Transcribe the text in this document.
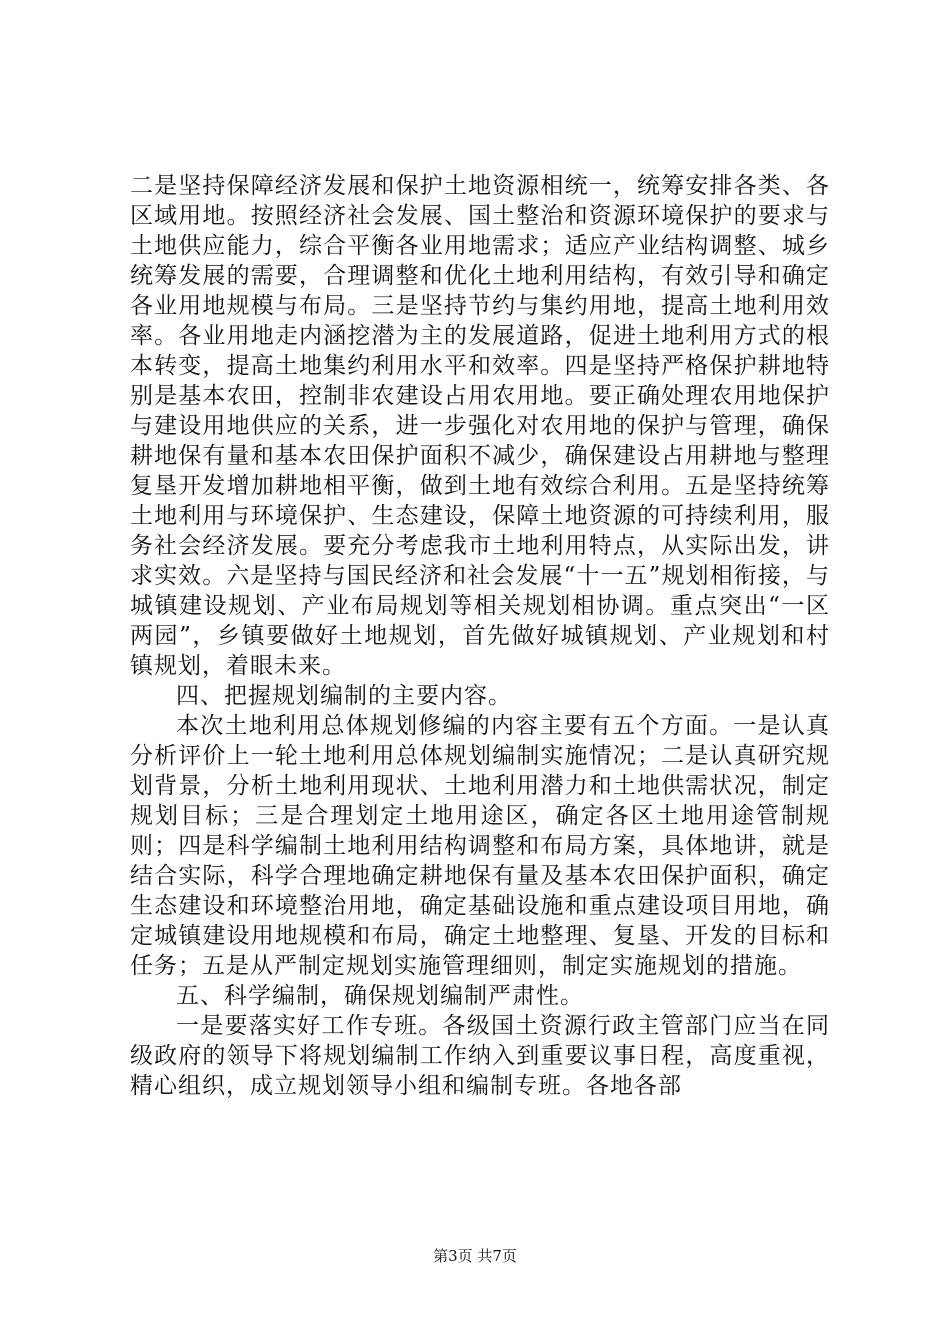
二是坚持保障经济发展和保护土地资源相统一，统筹安排各类、各区域用地。按照经济社会发展、国土整治和资源环境保护的要求与土地供应能力，综合平衡各业用地需求；适应产业结构调整、城乡统筹发展的需要，合理调整和优化土地利用结构，有效引导和确定各业用地规模与布局。三是坚持节约与集约用地，提高土地利用效率。各业用地走内涵挖潜为主的发展道路，促进土地利用方式的根本转变，提高土地集约利用水平和效率。四是坚持严格保护耕地特别是基本农田，控制非农建设占用农用地。要正确处理农用地保护与建设用地供应的关系，进一步强化对农用地的保护与管理，确保耕地保有量和基本农田保护面积不减少，确保建设占用耕地与整理复垦开发增加耕地相平衡，做到土地有效综合利用。五是坚持统筹土地利用与环境保护、生态建设，保障土地资源的可持续利用，服务社会经济发展。要充分考虑我市土地利用特点，从实际出发，讲求实效。六是坚持与国民经济和社会发展“十一五”规划相衔接，与城镇建设规划、产业布局规划等相关规划相协调。重点突出“一区两园”，乡镇要做好土地规划，首先做好城镇规划、产业规划和村镇规划，着眼未来。

四、把握规划编制的主要内容。

本次土地利用总体规划修编的内容主要有五个方面。一是认真分析评价上一轮土地利用总体规划编制实施情况；二是认真研究规划背景，分析土地利用现状、土地利用潜力和土地供需状况，制定规划目标；三是合理划定土地用途区，确定各区土地用途管制规则；四是科学编制土地利用结构调整和布局方案，具体地讲，就是结合实际，科学合理地确定耕地保有量及基本农田保护面积，确定生态建设和环境整治用地，确定基础设施和重点建设项目用地，确定城镇建设用地规模和布局，确定土地整理、复垦、开发的目标和任务；五是从严制定规划实施管理细则，制定实施规划的措施。

五、科学编制，确保规划编制严肃性。

一是要落实好工作专班。各级国土资源行政主管部门应当在同级政府的领导下将规划编制工作纳入到重要议事日程，高度重视，精心组织，成立规划领导小组和编制专班。各地各部

第3页 共7页
